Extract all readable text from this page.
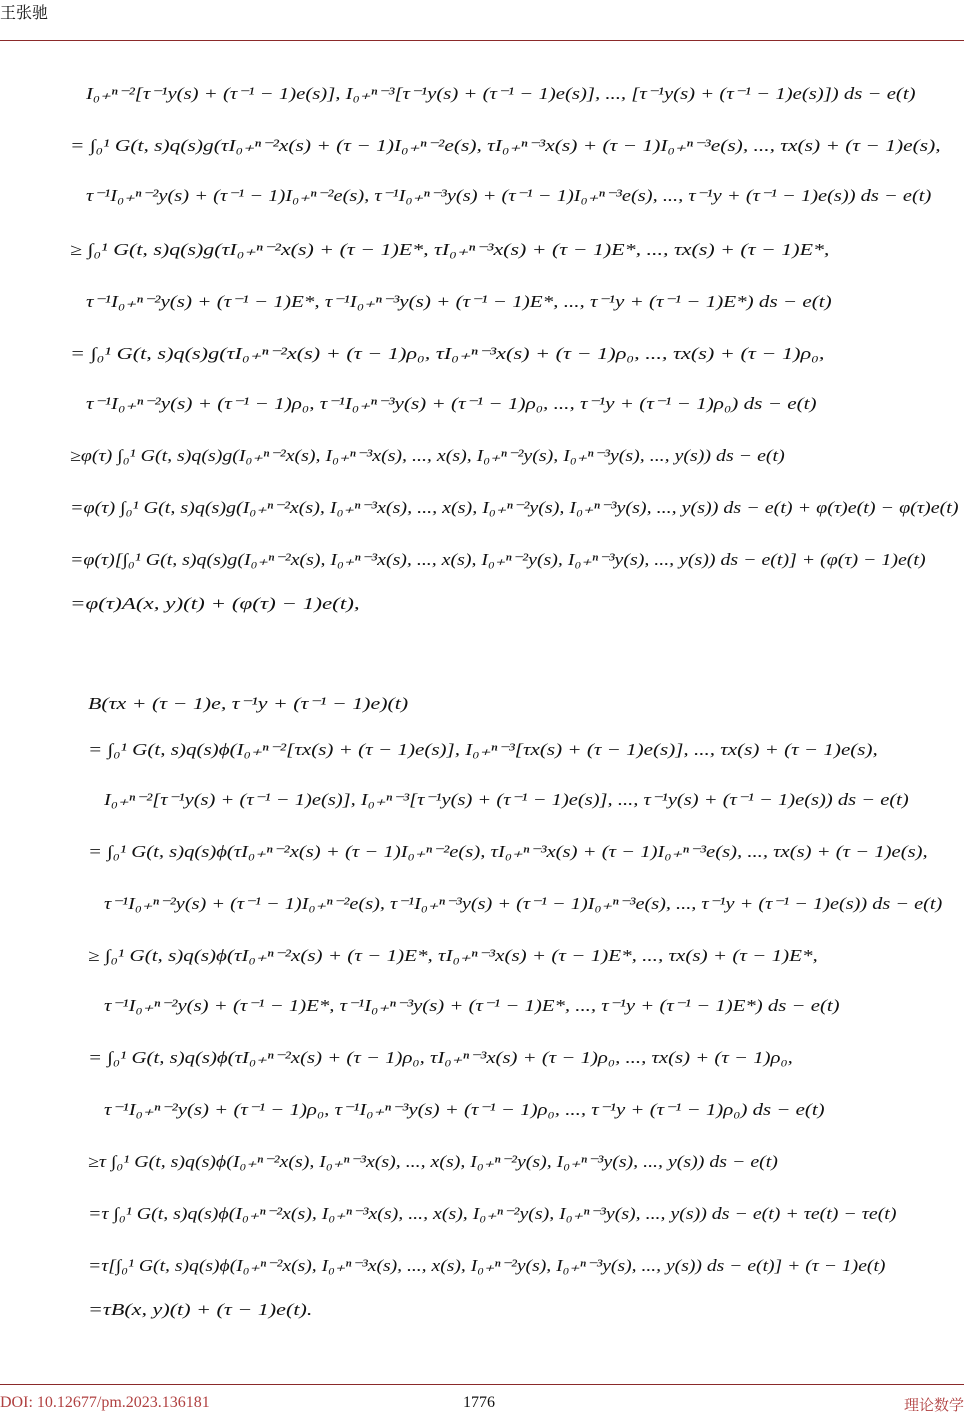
王张驰
I₀₊ⁿ⁻²[τ⁻¹y(s) + (τ⁻¹ − 1)e(s)], I₀₊ⁿ⁻³[τ⁻¹y(s) + (τ⁻¹ − 1)e(s)], ..., [τ⁻¹y(s) + (τ⁻¹ − 1)e(s)]) ds − e(t)
= ∫₀¹ G(t, s)q(s)g(τI₀₊ⁿ⁻²x(s) + (τ − 1)I₀₊ⁿ⁻²e(s), τI₀₊ⁿ⁻³x(s) + (τ − 1)I₀₊ⁿ⁻³e(s), ..., τx(s) + (τ − 1)e(s),
τ⁻¹I₀₊ⁿ⁻²y(s) + (τ⁻¹ − 1)I₀₊ⁿ⁻²e(s), τ⁻¹I₀₊ⁿ⁻³y(s) + (τ⁻¹ − 1)I₀₊ⁿ⁻³e(s), ..., τ⁻¹y + (τ⁻¹ − 1)e(s)) ds − e(t)
≥ ∫₀¹ G(t, s)q(s)g(τI₀₊ⁿ⁻²x(s) + (τ − 1)E*, τI₀₊ⁿ⁻³x(s) + (τ − 1)E*, ..., τx(s) + (τ − 1)E*,
τ⁻¹I₀₊ⁿ⁻²y(s) + (τ⁻¹ − 1)E*, τ⁻¹I₀₊ⁿ⁻³y(s) + (τ⁻¹ − 1)E*, ..., τ⁻¹y + (τ⁻¹ − 1)E*) ds − e(t)
= ∫₀¹ G(t, s)q(s)g(τI₀₊ⁿ⁻²x(s) + (τ − 1)ρ₀, τI₀₊ⁿ⁻³x(s) + (τ − 1)ρ₀, ..., τx(s) + (τ − 1)ρ₀,
τ⁻¹I₀₊ⁿ⁻²y(s) + (τ⁻¹ − 1)ρ₀, τ⁻¹I₀₊ⁿ⁻³y(s) + (τ⁻¹ − 1)ρ₀, ..., τ⁻¹y + (τ⁻¹ − 1)ρ₀) ds − e(t)
≥φ(τ) ∫₀¹ G(t, s)q(s)g(I₀₊ⁿ⁻²x(s), I₀₊ⁿ⁻³x(s), ..., x(s), I₀₊ⁿ⁻²y(s), I₀₊ⁿ⁻³y(s), ..., y(s)) ds − e(t)
=φ(τ) ∫₀¹ G(t, s)q(s)g(I₀₊ⁿ⁻²x(s), I₀₊ⁿ⁻³x(s), ..., x(s), I₀₊ⁿ⁻²y(s), I₀₊ⁿ⁻³y(s), ..., y(s)) ds − e(t) + φ(τ)e(t) − φ(τ)e(t)
=φ(τ)[∫₀¹ G(t, s)q(s)g(I₀₊ⁿ⁻²x(s), I₀₊ⁿ⁻³x(s), ..., x(s), I₀₊ⁿ⁻²y(s), I₀₊ⁿ⁻³y(s), ..., y(s)) ds − e(t)] + (φ(τ) − 1)e(t)
=φ(τ)A(x, y)(t) + (φ(τ) − 1)e(t),
B(τx + (τ − 1)e, τ⁻¹y + (τ⁻¹ − 1)e)(t)
= ∫₀¹ G(t, s)q(s)ϕ(I₀₊ⁿ⁻²[τx(s) + (τ − 1)e(s)], I₀₊ⁿ⁻³[τx(s) + (τ − 1)e(s)], ..., τx(s) + (τ − 1)e(s),
I₀₊ⁿ⁻²[τ⁻¹y(s) + (τ⁻¹ − 1)e(s)], I₀₊ⁿ⁻³[τ⁻¹y(s) + (τ⁻¹ − 1)e(s)], ..., τ⁻¹y(s) + (τ⁻¹ − 1)e(s)) ds − e(t)
= ∫₀¹ G(t, s)q(s)ϕ(τI₀₊ⁿ⁻²x(s) + (τ − 1)I₀₊ⁿ⁻²e(s), τI₀₊ⁿ⁻³x(s) + (τ − 1)I₀₊ⁿ⁻³e(s), ..., τx(s) + (τ − 1)e(s),
τ⁻¹I₀₊ⁿ⁻²y(s) + (τ⁻¹ − 1)I₀₊ⁿ⁻²e(s), τ⁻¹I₀₊ⁿ⁻³y(s) + (τ⁻¹ − 1)I₀₊ⁿ⁻³e(s), ..., τ⁻¹y + (τ⁻¹ − 1)e(s)) ds − e(t)
≥ ∫₀¹ G(t, s)q(s)ϕ(τI₀₊ⁿ⁻²x(s) + (τ − 1)E*, τI₀₊ⁿ⁻³x(s) + (τ − 1)E*, ..., τx(s) + (τ − 1)E*,
τ⁻¹I₀₊ⁿ⁻²y(s) + (τ⁻¹ − 1)E*, τ⁻¹I₀₊ⁿ⁻³y(s) + (τ⁻¹ − 1)E*, ..., τ⁻¹y + (τ⁻¹ − 1)E*) ds − e(t)
= ∫₀¹ G(t, s)q(s)ϕ(τI₀₊ⁿ⁻²x(s) + (τ − 1)ρ₀, τI₀₊ⁿ⁻³x(s) + (τ − 1)ρ₀, ..., τx(s) + (τ − 1)ρ₀,
τ⁻¹I₀₊ⁿ⁻²y(s) + (τ⁻¹ − 1)ρ₀, τ⁻¹I₀₊ⁿ⁻³y(s) + (τ⁻¹ − 1)ρ₀, ..., τ⁻¹y + (τ⁻¹ − 1)ρ₀) ds − e(t)
≥τ ∫₀¹ G(t, s)q(s)ϕ(I₀₊ⁿ⁻²x(s), I₀₊ⁿ⁻³x(s), ..., x(s), I₀₊ⁿ⁻²y(s), I₀₊ⁿ⁻³y(s), ..., y(s)) ds − e(t)
=τ ∫₀¹ G(t, s)q(s)ϕ(I₀₊ⁿ⁻²x(s), I₀₊ⁿ⁻³x(s), ..., x(s), I₀₊ⁿ⁻²y(s), I₀₊ⁿ⁻³y(s), ..., y(s)) ds − e(t) + τe(t) − τe(t)
=τ[∫₀¹ G(t, s)q(s)ϕ(I₀₊ⁿ⁻²x(s), I₀₊ⁿ⁻³x(s), ..., x(s), I₀₊ⁿ⁻²y(s), I₀₊ⁿ⁻³y(s), ..., y(s)) ds − e(t)] + (τ − 1)e(t)
=τB(x, y)(t) + (τ − 1)e(t).
DOI: 10.12677/pm.2023.136181	1776	理论数学
